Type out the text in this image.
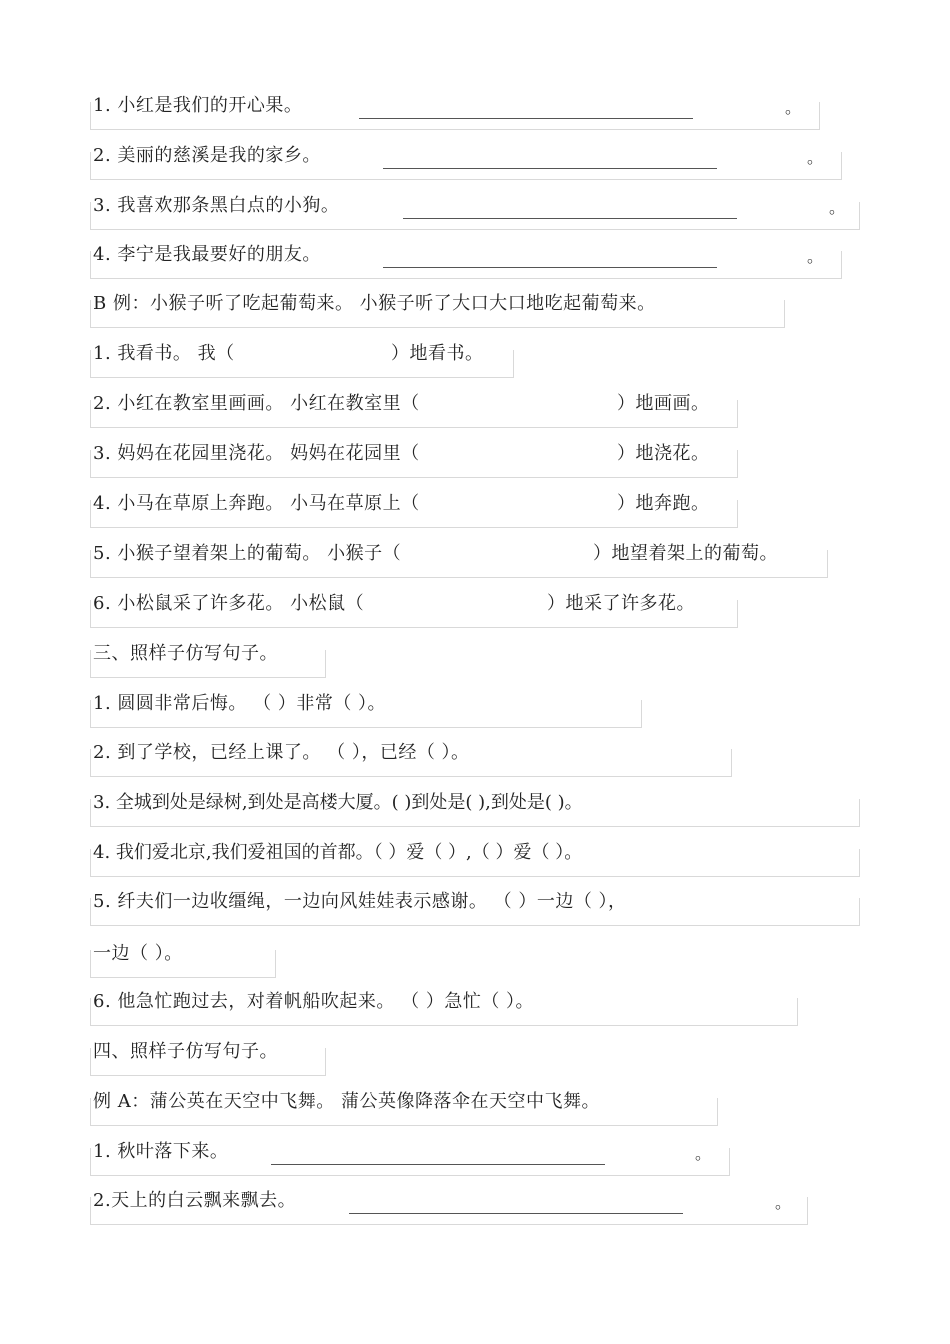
1. 小红是我们的开心果。	。
2. 美丽的慈溪是我的家乡。	。
3. 我喜欢那条黑白点的小狗。	。
4. 李宁是我最要好的朋友。	。
B 例：小猴子听了吃起葡萄来。 小猴子听了大口大口地吃起葡萄来。
1. 我看书。 我（	）地看书。
2. 小红在教室里画画。 小红在教室里（	）地画画。
3. 妈妈在花园里浇花。 妈妈在花园里（	）地浇花。
4. 小马在草原上奔跑。 小马在草原上（	）地奔跑。
5. 小猴子望着架上的葡萄。 小猴子（	）地望着架上的葡萄。
6. 小松鼠采了许多花。 小松鼠（	）地采了许多花。
三、照样子仿写句子。
1. 圆圆非常后悔。 （ ）非常（ ）。
2. 到了学校，已经上课了。 （ ），已经（ ）。
3. 全城到处是绿树,到处是高楼大厦。( )到处是( ),到处是( )。
4. 我们爱北京,我们爱祖国的首都。（ ）爱（ ）,（ ）爱（ ）。
5. 纤夫们一边收缰绳，一边向风娃娃表示感谢。 （ ）一边（ ），
一边（ ）。
6. 他急忙跑过去，对着帆船吹起来。 （ ）急忙（ ）。
四、照样子仿写句子。
例 A：蒲公英在天空中飞舞。 蒲公英像降落伞在天空中飞舞。
1. 秋叶落下来。	。
2.天上的白云飘来飘去。	。
